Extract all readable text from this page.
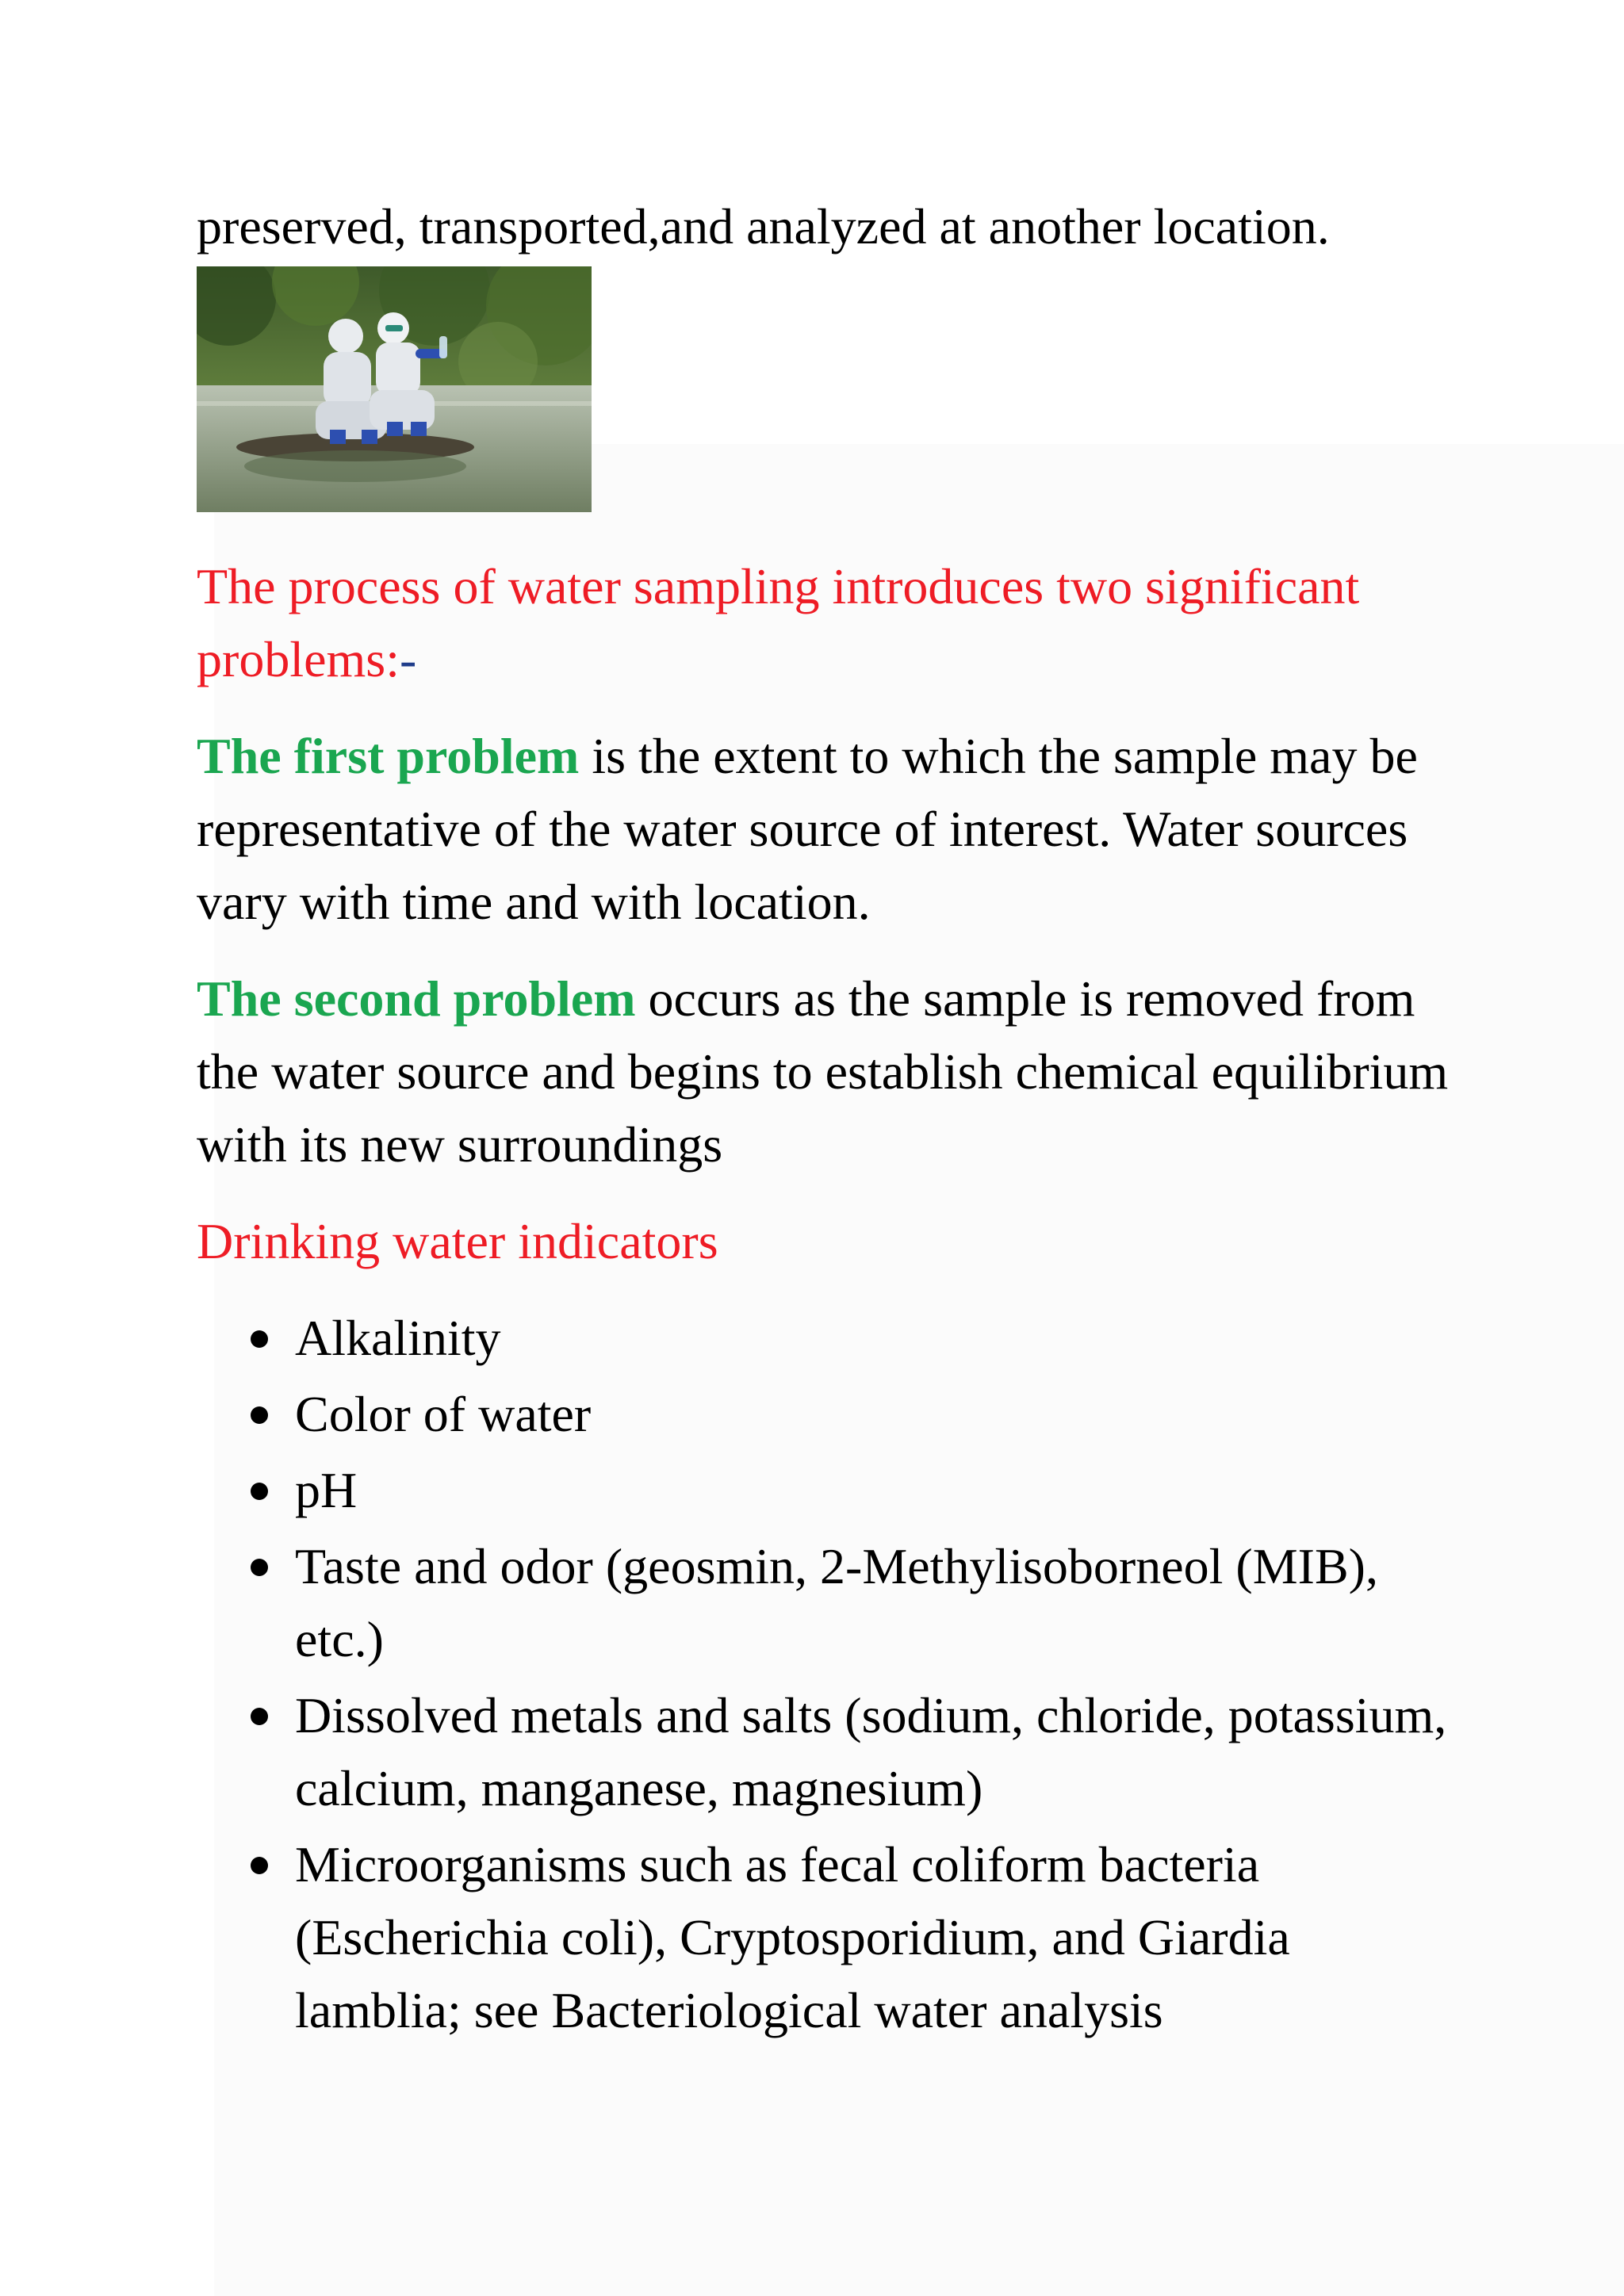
preserved, transported,and analyzed at another location.

The process of water sampling introduces two significant problems:-

The first problem is the extent to which the sample may be representative of the water source of interest. Water sources vary with time and with location.

The second problem occurs as the sample is removed from the water source and begins to establish chemical equilibrium with its new surroundings

Drinking water indicators

Alkalinity
Color of water
pH
Taste and odor (geosmin, 2-Methylisoborneol (MIB), etc.)
Dissolved metals and salts (sodium, chloride, potassium, calcium, manganese, magnesium)
Microorganisms such as fecal coliform bacteria (Escherichia coli), Cryptosporidium, and Giardia lamblia; see Bacteriological water analysis
